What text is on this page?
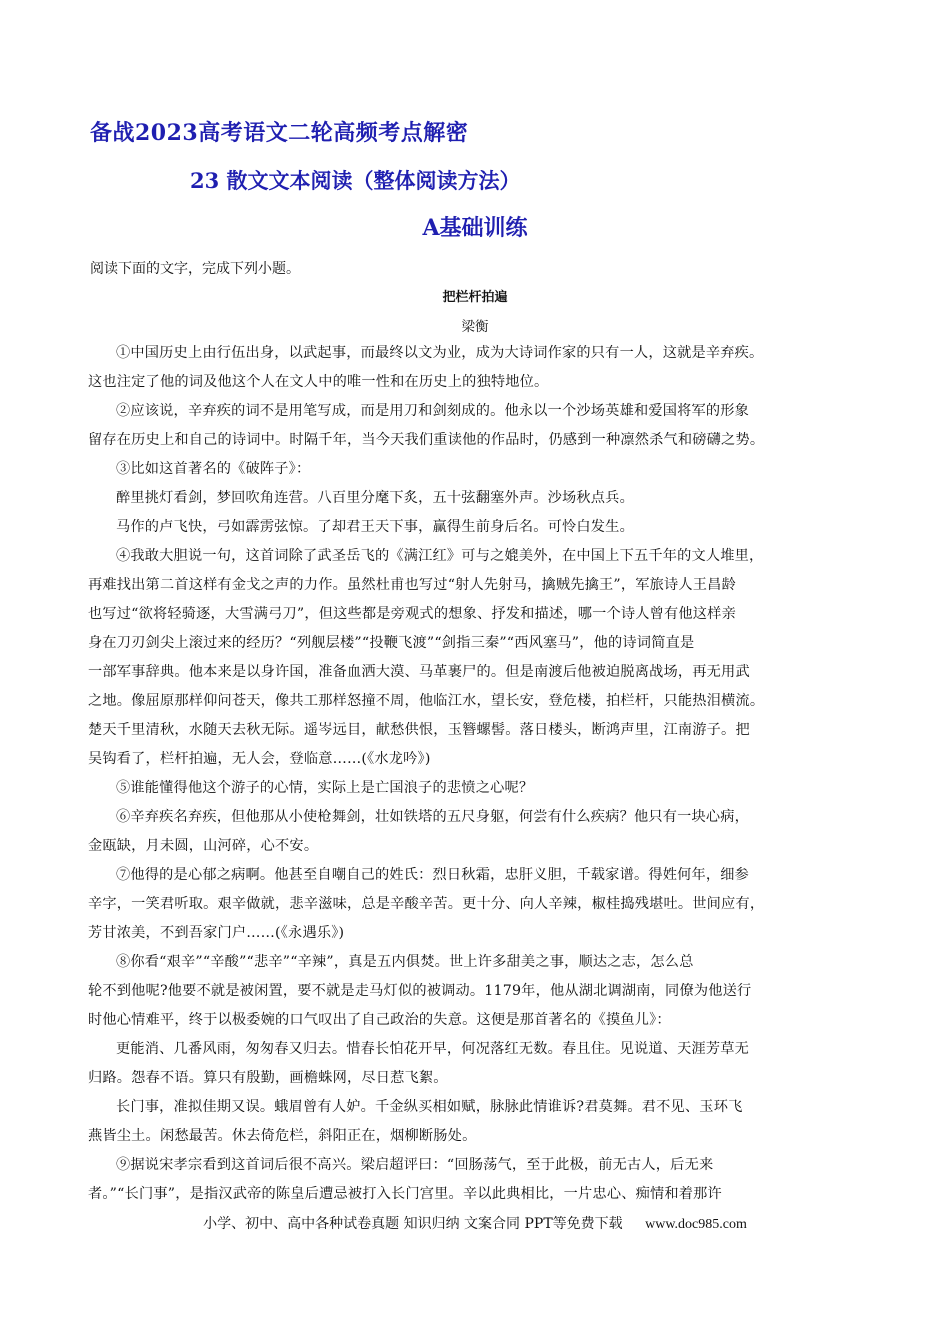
备战2023高考语文二轮高频考点解密
23 散文文本阅读（整体阅读方法）
A基础训练
阅读下面的文字，完成下列小题。
把栏杆拍遍
梁衡
①中国历史上由行伍出身，以武起事，而最终以文为业，成为大诗词作家的只有一人，这就是辛弃疾。
这也注定了他的词及他这个人在文人中的唯一性和在历史上的独特地位。
②应该说，辛弃疾的词不是用笔写成，而是用刀和剑刻成的。他永以一个沙场英雄和爱国将军的形象
留存在历史上和自己的诗词中。时隔千年，当今天我们重读他的作品时，仍感到一种凛然杀气和磅礴之势。
③比如这首著名的《破阵子》：
醉里挑灯看剑，梦回吹角连营。八百里分麾下炙，五十弦翻塞外声。沙场秋点兵。
马作的卢飞快，弓如霹雳弦惊。了却君王天下事，赢得生前身后名。可怜白发生。
④我敢大胆说一句，这首词除了武圣岳飞的《满江红》可与之媲美外，在中国上下五千年的文人堆里，
再难找出第二首这样有金戈之声的力作。虽然杜甫也写过“射人先射马，擒贼先擒王”，军旅诗人王昌龄
也写过“欲将轻骑逐，大雪满弓刀”，但这些都是旁观式的想象、抒发和描述，哪一个诗人曾有他这样亲
身在刀刃剑尖上滚过来的经历？“列舰层楼”“投鞭飞渡”“剑指三秦”“西风塞马”，他的诗词简直是
一部军事辞典。他本来是以身许国，准备血洒大漠、马革裹尸的。但是南渡后他被迫脱离战场，再无用武
之地。像屈原那样仰问苍天，像共工那样怒撞不周，他临江水，望长安，登危楼，拍栏杆，只能热泪横流。
楚天千里清秋，水随天去秋无际。遥岑远目，献愁供恨，玉簪螺髻。落日楼头，断鸿声里，江南游子。把
吴钩看了，栏杆拍遍，无人会，登临意……(《水龙吟》)
⑤谁能懂得他这个游子的心情，实际上是亡国浪子的悲愤之心呢？
⑥辛弃疾名弃疾，但他那从小使枪舞剑，壮如铁塔的五尺身躯，何尝有什么疾病？他只有一块心病，
金瓯缺，月未圆，山河碎，心不安。
⑦他得的是心郁之病啊。他甚至自嘲自己的姓氏：烈日秋霜，忠肝义胆，千载家谱。得姓何年，细参
辛字，一笑君听取。艰辛做就，悲辛滋味，总是辛酸辛苦。更十分、向人辛辣，椒桂捣残堪吐。世间应有，
芳甘浓美，不到吾家门户……(《永遇乐》)
⑧你看“艰辛”“辛酸”“悲辛”“辛辣”，真是五内俱焚。世上许多甜美之事，顺达之志，怎么总
轮不到他呢?他要不就是被闲置，要不就是走马灯似的被调动。1179年，他从湖北调湖南，同僚为他送行
时他心情难平，终于以极委婉的口气叹出了自己政治的失意。这便是那首著名的《摸鱼儿》：
更能消、几番风雨，匆匆春又归去。惜春长怕花开早，何况落红无数。春且住。见说道、天涯芳草无
归路。怨春不语。算只有殷勤，画檐蛛网，尽日惹飞絮。
长门事，准拟佳期又误。蛾眉曾有人妒。千金纵买相如赋，脉脉此情谁诉?君莫舞。君不见、玉环飞
燕皆尘土。闲愁最苦。休去倚危栏，斜阳正在，烟柳断肠处。
⑨据说宋孝宗看到这首词后很不高兴。梁启超评曰：“回肠荡气，至于此极，前无古人，后无来
者。”“长门事”，是指汉武帝的陈皇后遭忌被打入长门宫里。辛以此典相比，一片忠心、痴情和着那许
小学、初中、高中各种试卷真题 知识归纳 文案合同 PPT等免费下载 www.doc985.com
